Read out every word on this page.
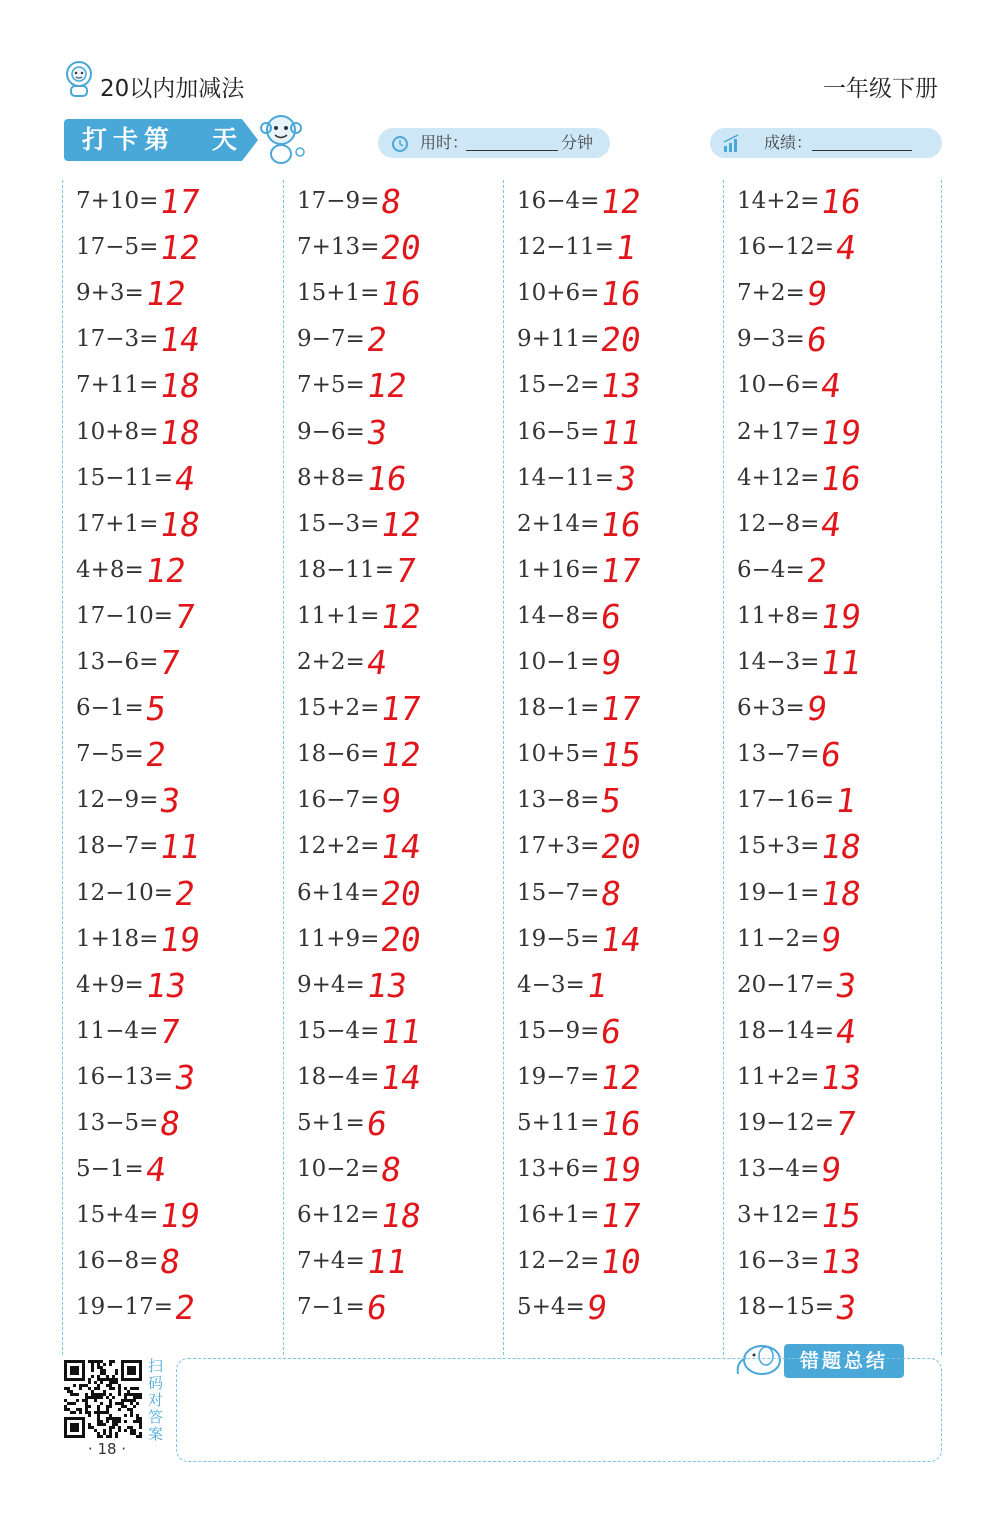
20以内加减法	一年级下册
打卡第 天	用时：	分钟	成绩：
7+10=
17
17−5=
12
9+3= 12
17−3=
14
7+11=
18
10+8=
18
15−11= 4
17+1=
18
4+8= 12
17−10= 7
13−6=
7
6−1= 5
7−5= 2
12−9=
3
18−7=
11
12−10= 2
1+18=
19
4+9= 13
11−4=
7
16−13= 3
13−5=
8
5−1= 4
15+4=
19
16−8=
8
19−17= 2
17−9=
8
7+13=
20
15+1=
16
9−7= 2
7+5= 12
9−6= 3
8+8= 16
15−3=
12
18−11= 7
11+1=
12
2+2= 4
15+2=
17
18−6=
12
16−7=
9
12+2=
14
6+14=
20
11+9=
20
9+4= 13
15−4=
11
18−4=
14
5+1= 6
10−2=
8
6+12=
18
7+4= 11
7−1= 6
16−4=
12
12−11= 1
10+6=
16
9+11=
20
15−2=
13
16−5=
11
14−11= 3
2+14=
16
1+16=
17
14−8=
6
10−1=
9
18−1=
17
10+5=
15
13−8=
5
17+3=
20
15−7=
8
19−5=
14
4−3= 1
15−9=
6
19−7=
12
5+11=
16
13+6=
19
16+1=
17
12−2=
10
5+4= 9
14+2=
16
16−12= 4
7+2= 9
9−3= 6
10−6=
4
2+17=
19
4+12=
16
12−8=
4
6−4= 2
11+8=
19
14−3=
11
6+3= 9
13−7=
6
17−16= 1
15+3=
18
19−1=
18
11−2=
9
20−17= 3
18−14= 4
11+2=
13
19−12= 7
13−4=
9
3+12=
15
16−3=
13
18−15= 3
错题总结
扫码对答案
· 18 ·
